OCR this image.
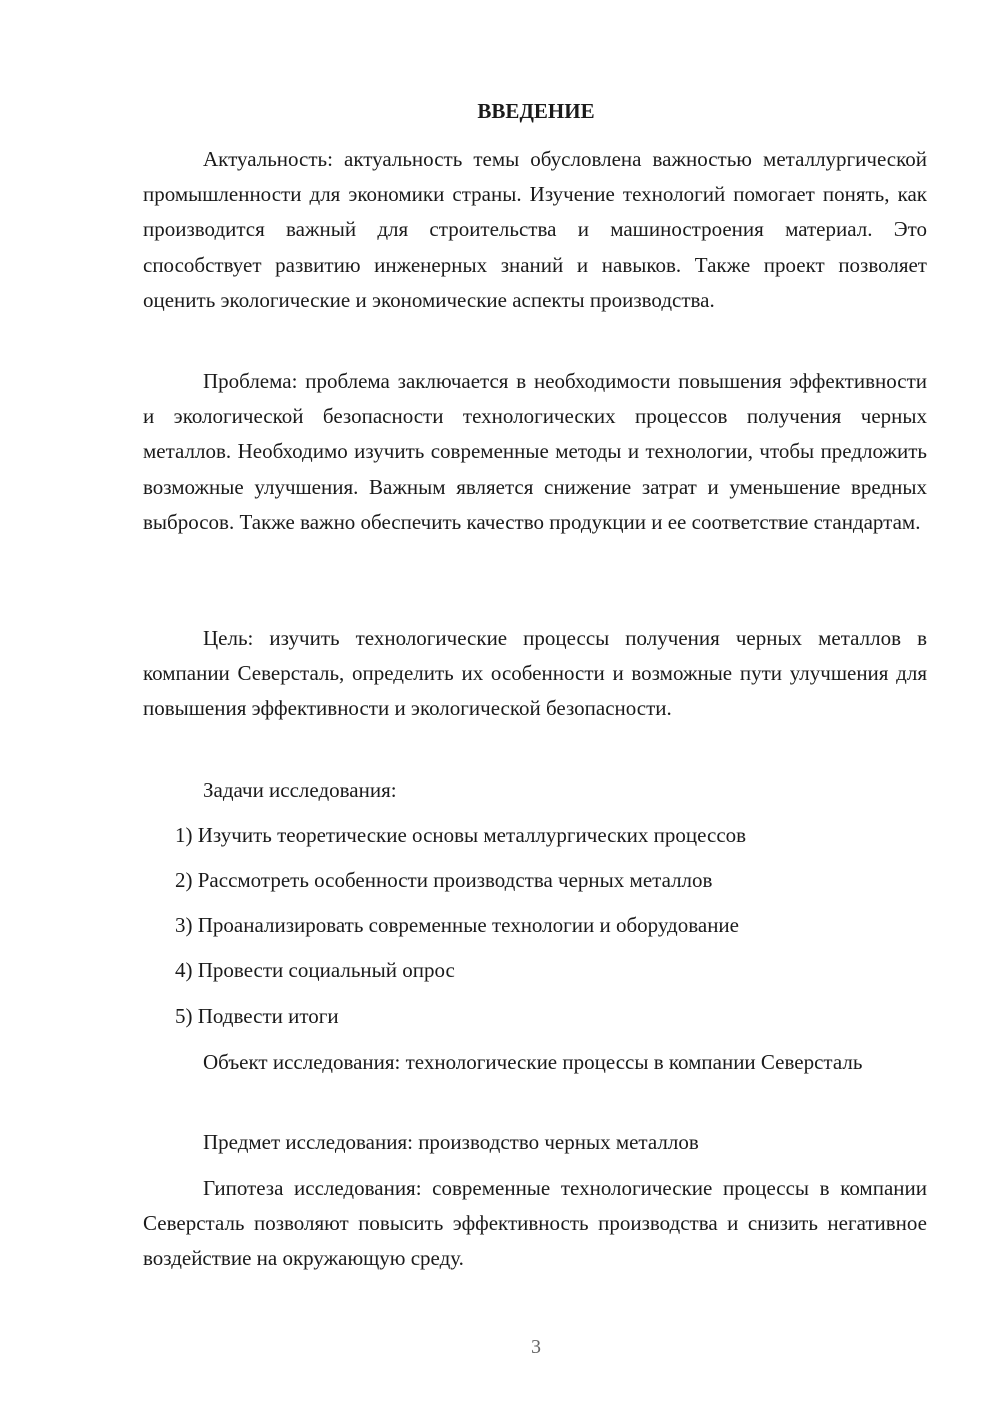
ВВЕДЕНИЕ

Актуальность: актуальность темы обусловлена важностью металлургической промышленности для экономики страны. Изучение технологий помогает понять, как производится важный для строительства и машиностроения материал. Это способствует развитию инженерных знаний и навыков. Также проект позволяет оценить экологические и экономические аспекты производства.

Проблема: проблема заключается в необходимости повышения эффективности и экологической безопасности технологических процессов получения черных металлов. Необходимо изучить современные методы и технологии, чтобы предложить возможные улучшения. Важным является снижение затрат и уменьшение вредных выбросов. Также важно обеспечить качество продукции и ее соответствие стандартам.

Цель: изучить технологические процессы получения черных металлов в компании Северсталь, определить их особенности и возможные пути улучшения для повышения эффективности и экологической безопасности.

Задачи исследования:
1) Изучить теоретические основы металлургических процессов
2) Рассмотреть особенности производства черных металлов
3) Проанализировать современные технологии и оборудование
4) Провести социальный опрос
5) Подвести итоги

Объект исследования: технологические процессы в компании Северсталь

Предмет исследования: производство черных металлов

Гипотеза исследования: современные технологические процессы в компании Северсталь позволяют повысить эффективность производства и снизить негативное воздействие на окружающую среду.

3
